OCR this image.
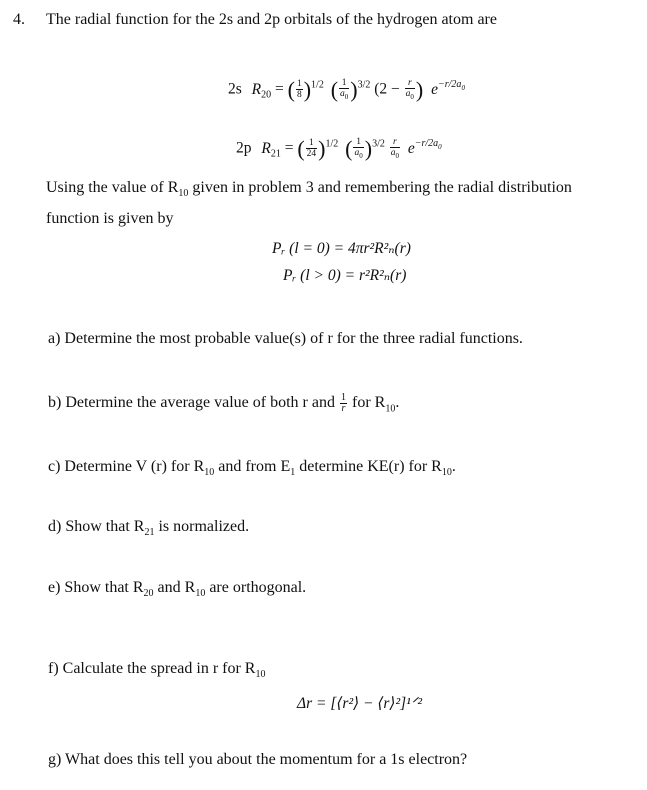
4. The radial function for the 2s and 2p orbitals of the hydrogen atom are
2s $R_{20}$ = ( $\frac{1}{8} )^{1/2}$ ( $\frac{1}{a_0} )^{3/2}$ ($2 - \frac{r}{a_0}$ ) $e^{-r/2a_0}$
2p $R_{21}$ = ( $\frac{1}{24} )^{1/2}$ ( $\frac{1}{a_0} )^{3/2} \frac{r}{a_0} e^{-r/2a_0}$
Using the value of $R_{10}$ given in problem 3 and remembering the radial distribution
function is given by
Pᵣ (l = 0) = 4πr²R²ₙ(r)
Pᵣ (l > 0) = r²R²ₙ(r)
a) Determine the most probable value(s) of r for the three radial functions.
b) Determine the average value of both r and $\frac{1}{r}$ for $R_{10}$.
c) Determine V (r) for $R_{10}$ and from $E_1$ determine KE(r) for $R_{10}$.
d) Show that $R_{21}$ is normalized.
e) Show that $R_{20}$ and $R_{10}$ are orthogonal.
f) Calculate the spread in r for $R_{10}$
Δr = [⟨r²⟩ − ⟨r⟩²]¹ᐟ²
g) What does this tell you about the momentum for a 1s electron?
